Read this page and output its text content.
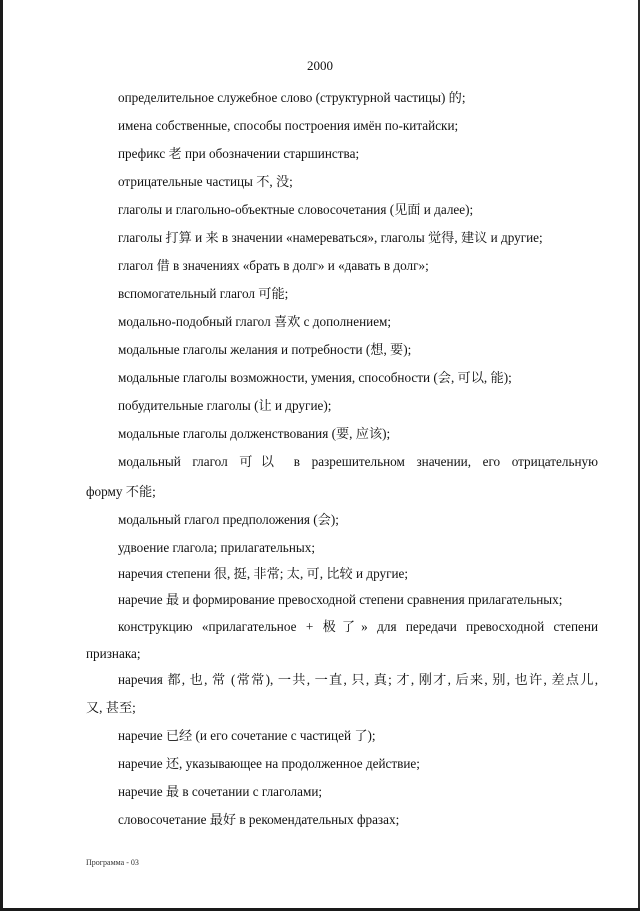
2000
определительное служебное слово (структурной частицы) 的;
имена собственные, способы построения имён по-китайски;
префикс 老 при обозначении старшинства;
отрицательные частицы 不, 没;
глаголы и глагольно-объектные словосочетания (见面 и далее);
глаголы 打算 и 来 в значении «намереваться», глаголы 觉得, 建议 и другие;
глагол 借 в значениях «брать в долг» и «давать в долг»;
вспомогательный глагол 可能;
модально-подобный глагол 喜欢 с дополнением;
модальные глаголы желания и потребности (想, 要);
модальные глаголы возможности, умения, способности (会, 可以, 能);
побудительные глаголы (让 и другие);
модальные глаголы долженствования (要, 应该);
модальный глагол 可以 в разрешительном значении, его отрицательную
форму 不能;
модальный глагол предположения (会);
удвоение глагола; прилагательных;
наречия степени 很, 挺, 非常; 太, 可, 比较 и другие;
наречие 最 и формирование превосходной степени сравнения прилагательных;
конструкцию «прилагательное + 极了» для передачи превосходной степени
признака;
наречия 都, 也, 常 (常常), 一共, 一直, 只, 真; 才, 刚才, 后来, 别, 也许, 差点儿,
又, 甚至;
наречие 已经 (и его сочетание с частицей 了);
наречие 还, указывающее на продолженное действие;
наречие 最 в сочетании с глаголами;
словосочетание 最好 в рекомендательных фразах;
Программа - 03
